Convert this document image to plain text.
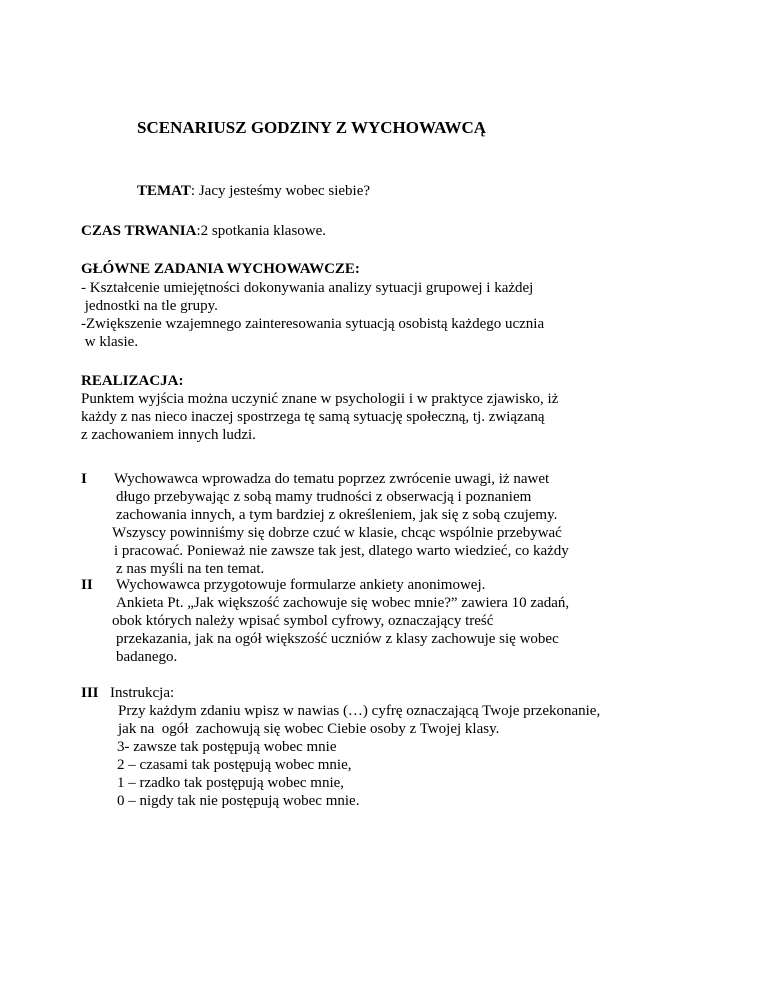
SCENARIUSZ GODZINY Z WYCHOWAWCĄ
TEMAT: Jacy jesteśmy wobec siebie?
CZAS TRWANIA:2 spotkania klasowe.
GŁÓWNE ZADANIA WYCHOWAWCZE:
- Kształcenie umiejętności dokonywania analizy sytuacji grupowej i każdej
jednostki na tle grupy.
-Zwiększenie wzajemnego zainteresowania sytuacją osobistą każdego ucznia
w klasie.
REALIZACJA:
Punktem wyjścia można uczynić znane w psychologii i w praktyce zjawisko, iż
każdy z nas nieco inaczej spostrzega tę samą sytuację społeczną, tj. związaną
z zachowaniem innych ludzi.
I Wychowawca wprowadza do tematu poprzez zwrócenie uwagi, iż nawet
długo przebywając z sobą mamy trudności z obserwacją i poznaniem
zachowania innych, a tym bardziej z określeniem, jak się z sobą czujemy.
Wszyscy powinniśmy się dobrze czuć w klasie, chcąc wspólnie przebywać
i pracować. Ponieważ nie zawsze tak jest, dlatego warto wiedzieć, co każdy
z nas myśli na ten temat.
II Wychowawca przygotowuje formularze ankiety anonimowej.
Ankieta Pt. „Jak większość zachowuje się wobec mnie?” zawiera 10 zadań,
obok których należy wpisać symbol cyfrowy, oznaczający treść
przekazania, jak na ogół większość uczniów z klasy zachowuje się wobec
badanego.
III Instrukcja:
Przy każdym zdaniu wpisz w nawias (…) cyfrę oznaczającą Twoje przekonanie,
jak na  ogół  zachowują się wobec Ciebie osoby z Twojej klasy.
3- zawsze tak postępują wobec mnie
2 – czasami tak postępują wobec mnie,
1 – rzadko tak postępują wobec mnie,
0 – nigdy tak nie postępują wobec mnie.
